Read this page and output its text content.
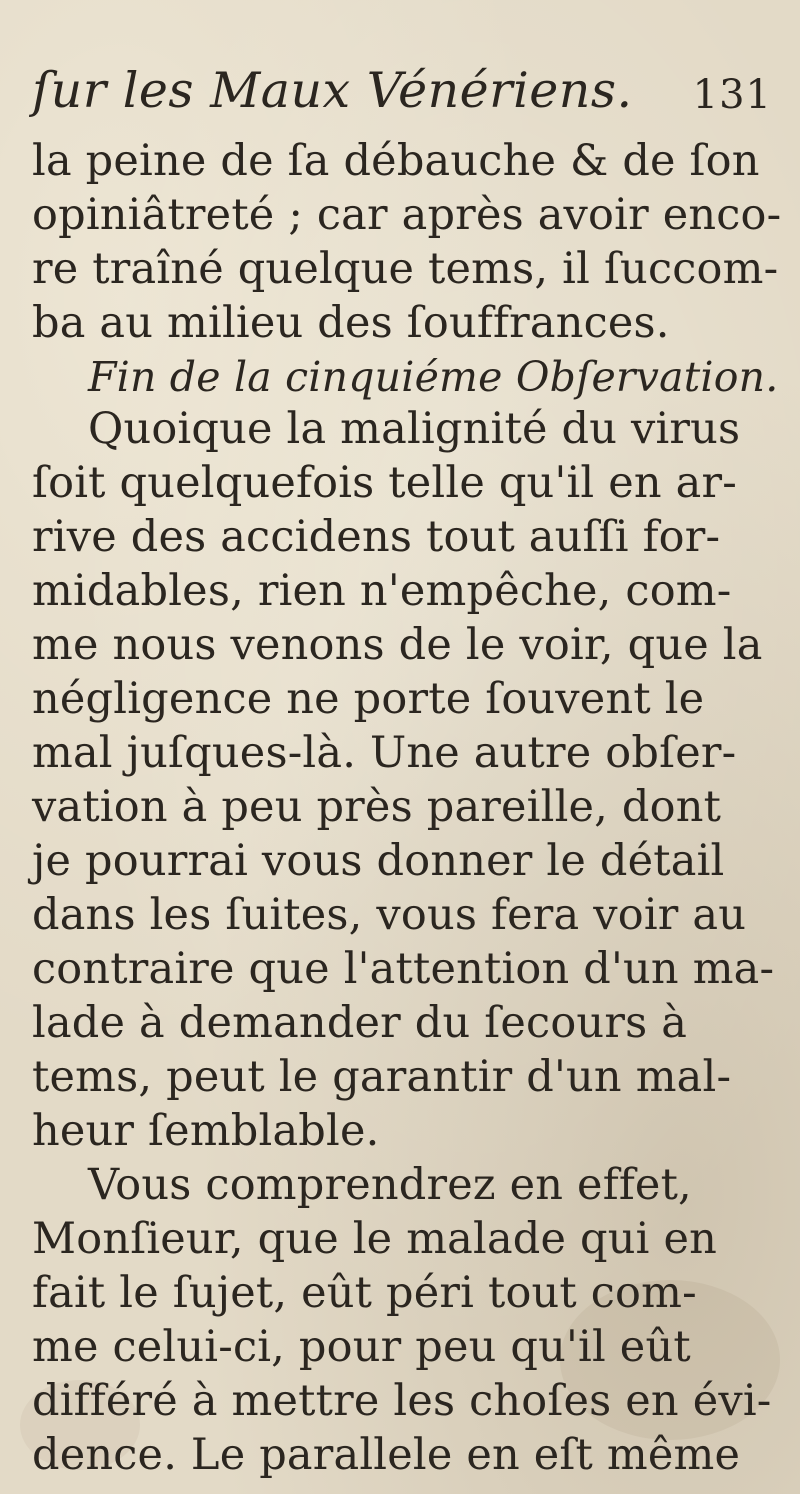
ſur les Maux Vénériens. 131
la peine de ſa débauche & de ſon
opiniâtreté ; car après avoir enco-
re traîné quelque tems, il ſuccom-
ba au milieu des ſouffrances.
Fin de la cinquiéme Obſervation.
Quoique la malignité du virus
ſoit quelquefois telle qu'il en ar-
rive des accidens tout auſſi for-
midables, rien n'empêche, com-
me nous venons de le voir, que la
négligence ne porte ſouvent le
mal juſques-là. Une autre obſer-
vation à peu près pareille, dont
je pourrai vous donner le détail
dans les ſuites, vous fera voir au
contraire que l'attention d'un ma-
lade à demander du ſecours à
tems, peut le garantir d'un mal-
heur ſemblable.
Vous comprendrez en effet,
Monſieur, que le malade qui en
fait le ſujet, eût péri tout com-
me celui-ci, pour peu qu'il eût
différé à mettre les choſes en évi-
dence. Le parallele en eſt même
